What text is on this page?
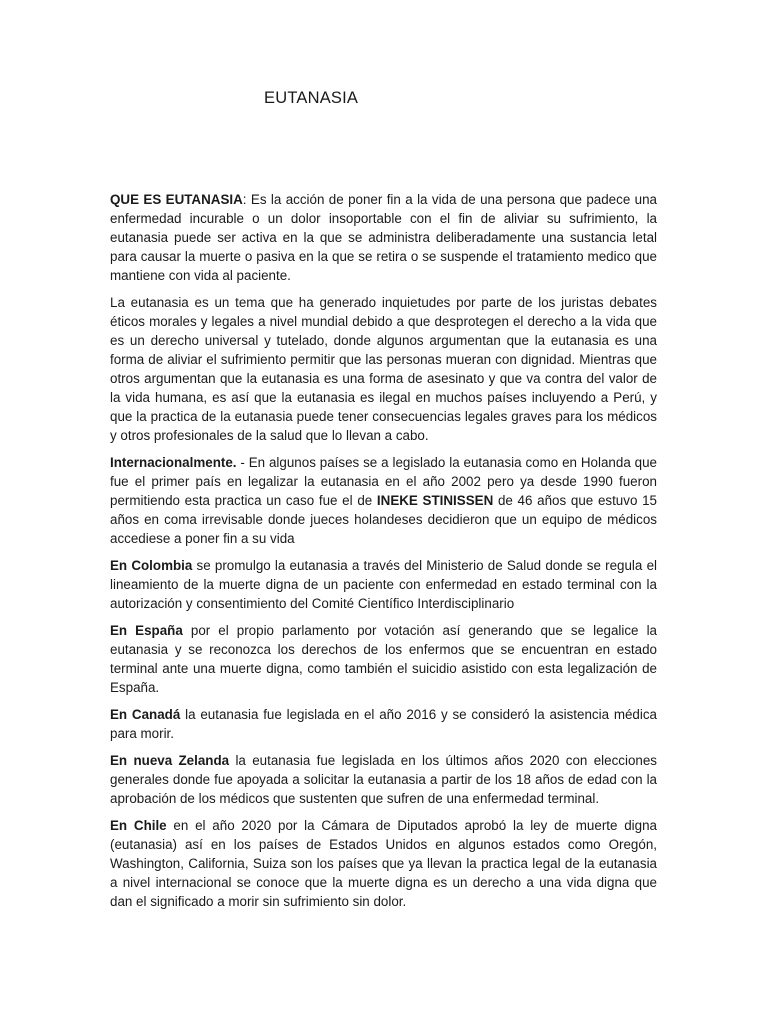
EUTANASIA

QUE ES EUTANASIA: Es la acción de poner fin a la vida de una persona que padece una enfermedad incurable o un dolor insoportable con el fin de aliviar su sufrimiento, la eutanasia puede ser activa en la que se administra deliberadamente una sustancia letal para causar la muerte o pasiva en la que se retira o se suspende el tratamiento medico que mantiene con vida al paciente.

La eutanasia es un tema que ha generado inquietudes por parte de los juristas debates éticos morales y legales a nivel mundial debido a que desprotegen el derecho a la vida que es un derecho universal y tutelado, donde algunos argumentan que la eutanasia es una forma de aliviar el sufrimiento permitir que las personas mueran con dignidad. Mientras que otros argumentan que la eutanasia es una forma de asesinato y que va contra del valor de la vida humana, es así que la eutanasia es ilegal en muchos países incluyendo a Perú, y que la practica de la eutanasia puede tener consecuencias legales graves para los médicos y otros profesionales de la salud que lo llevan a cabo.

Internacionalmente. - En algunos países se a legislado la eutanasia como en Holanda que fue el primer país en legalizar la eutanasia en el año 2002 pero ya desde 1990 fueron permitiendo esta practica un caso fue el de INEKE STINISSEN de 46 años que estuvo 15 años en coma irrevisable donde jueces holandeses decidieron que un equipo de médicos accediese a poner fin a su vida

En Colombia se promulgo la eutanasia a través del Ministerio de Salud donde se regula el lineamiento de la muerte digna de un paciente con enfermedad en estado terminal con la autorización y consentimiento del Comité Científico Interdisciplinario

En España por el propio parlamento por votación así generando que se legalice la eutanasia y se reconozca los derechos de los enfermos que se encuentran en estado terminal ante una muerte digna, como también el suicidio asistido con esta legalización de España.

En Canadá la eutanasia fue legislada en el año 2016 y se consideró la asistencia médica para morir.

En nueva Zelanda la eutanasia fue legislada en los últimos años 2020 con elecciones generales donde fue apoyada a solicitar la eutanasia a partir de los 18 años de edad con la aprobación de los médicos que sustenten que sufren de una enfermedad terminal.

En Chile en el año 2020 por la Cámara de Diputados aprobó la ley de muerte digna (eutanasia) así en los países de Estados Unidos en algunos estados como Oregón, Washington, California, Suiza son los países que ya llevan la practica legal de la eutanasia a nivel internacional se conoce que la muerte digna es un derecho a una vida digna que dan el significado a morir sin sufrimiento sin dolor.
